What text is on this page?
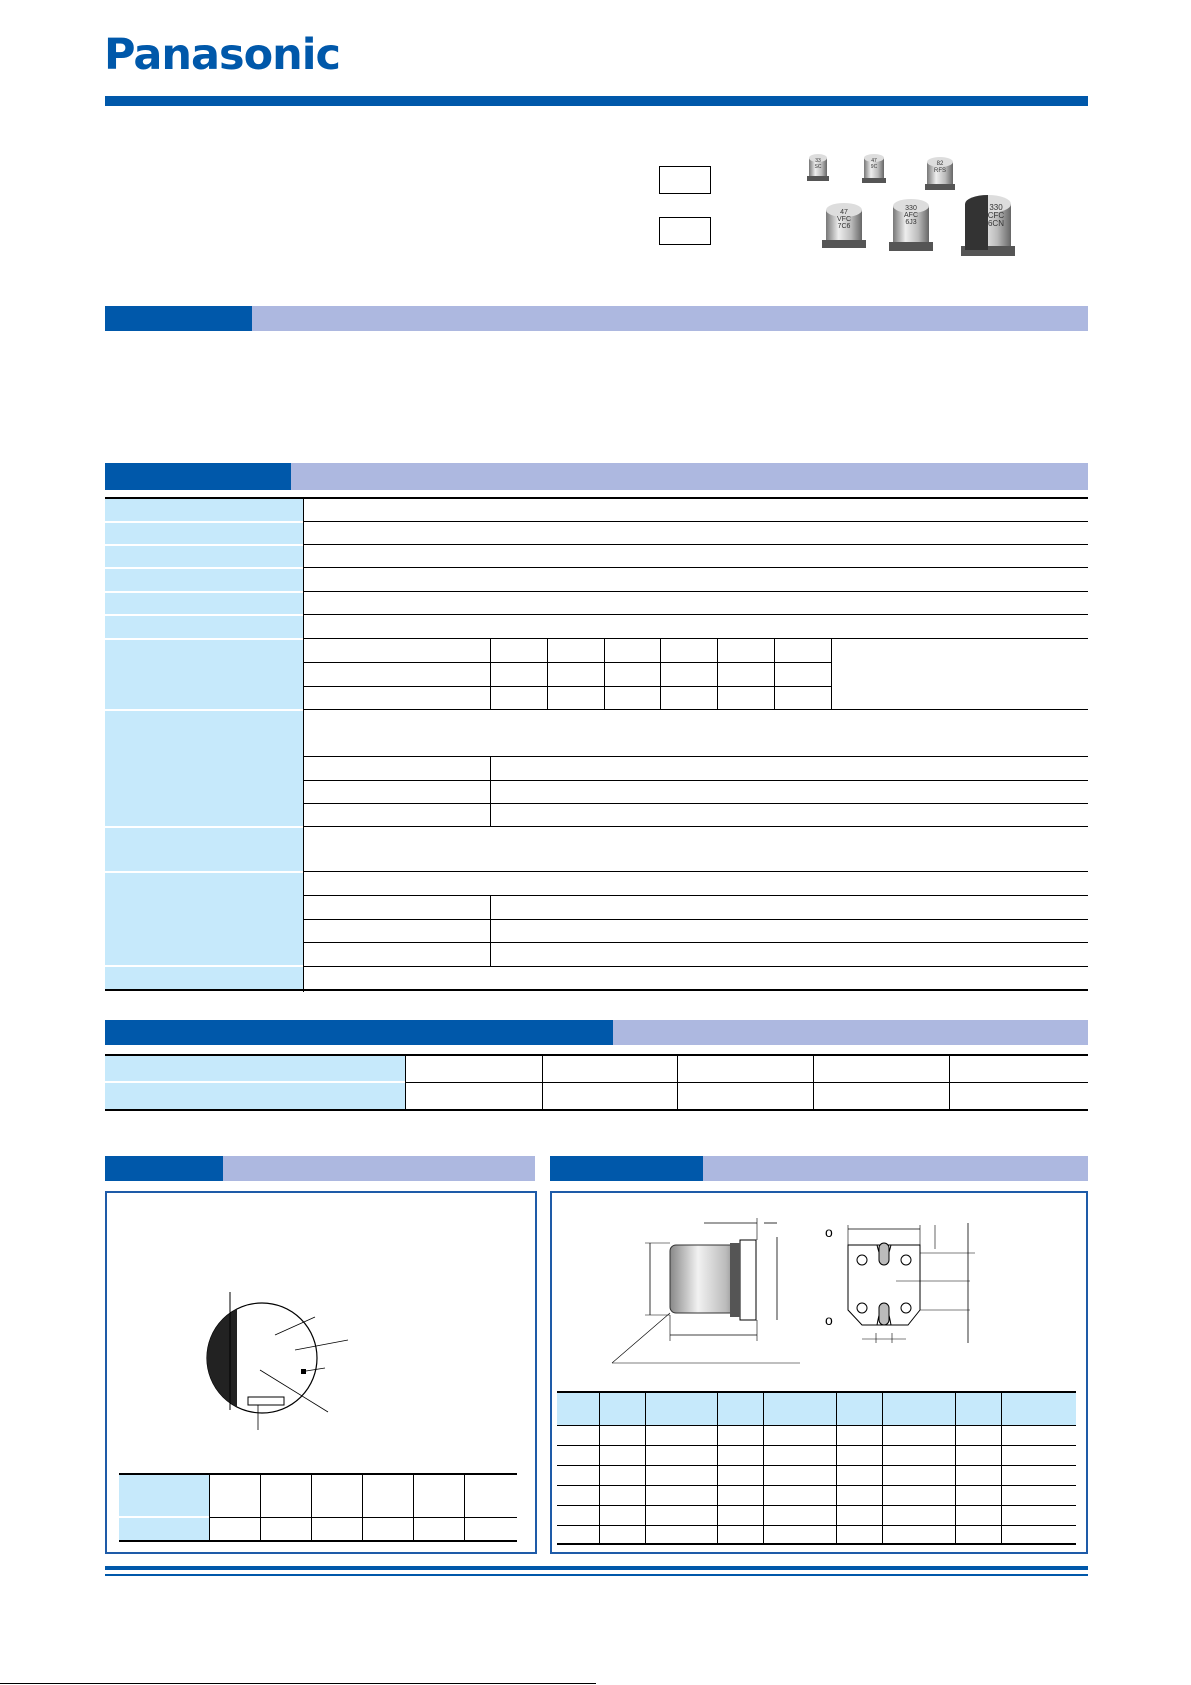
Panasonic
33
SC
47
9C	82
RFS
47
VFC
7C6
330
AFC
6J3
330
CFC
6CN
o
o
